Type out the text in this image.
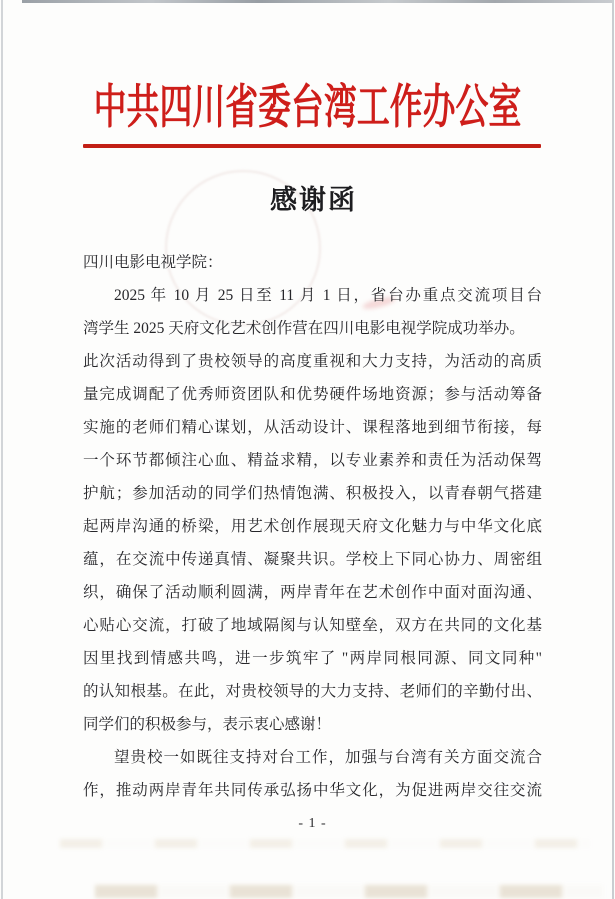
中共四川省委台湾工作办公室
感谢函
四川电影电视学院：
2025 年 10 月 25 日至 11 月 1 日，省台办重点交流项目台
湾学生 2025 天府文化艺术创作营在四川电影电视学院成功举办。
此次活动得到了贵校领导的高度重视和大力支持，为活动的高质
量完成调配了优秀师资团队和优势硬件场地资源；参与活动筹备
实施的老师们精心谋划，从活动设计、课程落地到细节衔接，每
一个环节都倾注心血、精益求精，以专业素养和责任为活动保驾
护航；参加活动的同学们热情饱满、积极投入，以青春朝气搭建
起两岸沟通的桥梁，用艺术创作展现天府文化魅力与中华文化底
蕴，在交流中传递真情、凝聚共识。学校上下同心协力、周密组
织，确保了活动顺利圆满，两岸青年在艺术创作中面对面沟通、
心贴心交流，打破了地域隔阂与认知壁垒，双方在共同的文化基
因里找到情感共鸣，进一步筑牢了 "两岸同根同源、同文同种"
的认知根基。在此，对贵校领导的大力支持、老师们的辛勤付出、
同学们的积极参与，表示衷心感谢！
望贵校一如既往支持对台工作，加强与台湾有关方面交流合
作，推动两岸青年共同传承弘扬中华文化，为促进两岸交往交流
- 1 -
